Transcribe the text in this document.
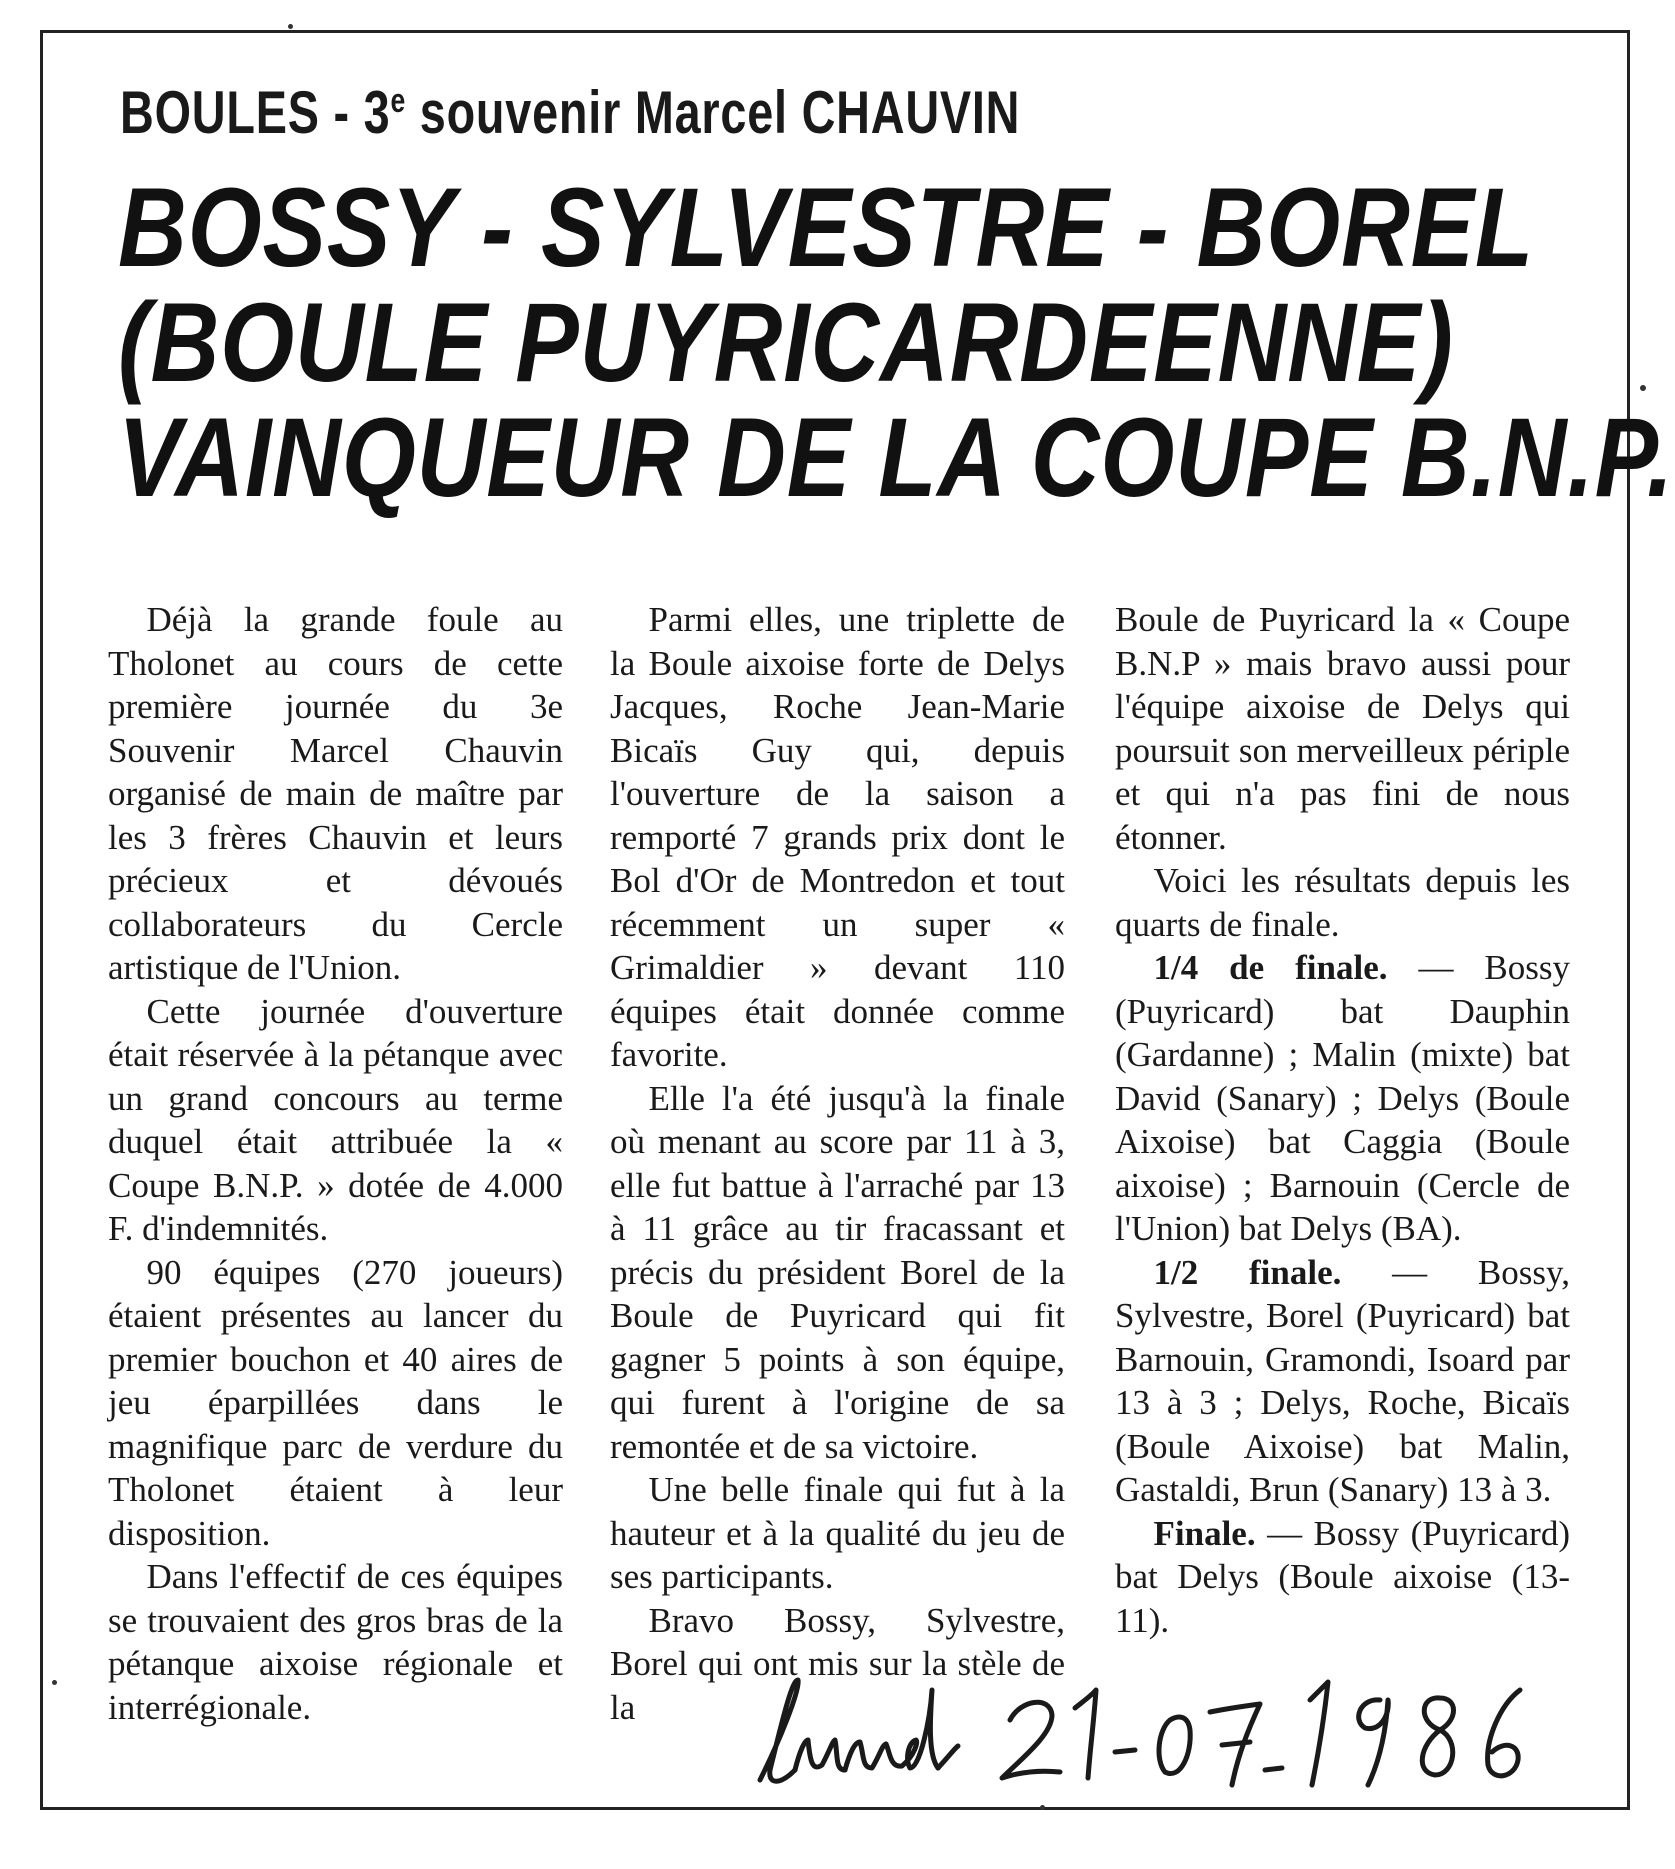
BOULES - 3e souvenir Marcel CHAUVIN
BOSSY - SYLVESTRE - BOREL
(BOULE PUYRICARDEENNE)
VAINQUEUR DE LA COUPE B.N.P.

Déjà la grande foule au Tholonet au cours de cette première journée du 3e Souvenir Marcel Chauvin organisé de main de maître par les 3 frères Chauvin et leurs précieux et dévoués collaborateurs du Cercle artistique de l'Union.

Cette journée d'ouverture était réservée à la pétanque avec un grand concours au terme duquel était attribuée la « Coupe B.N.P. » dotée de 4.000 F. d'indemnités.

90 équipes (270 joueurs) étaient présentes au lancer du premier bouchon et 40 aires de jeu éparpillées dans le magnifique parc de verdure du Tholonet étaient à leur disposition.

Dans l'effectif de ces équipes se trouvaient des gros bras de la pétanque aixoise régionale et interrégionale.

Parmi elles, une triplette de la Boule aixoise forte de Delys Jacques, Roche Jean-Marie Bicaïs Guy qui, depuis l'ouverture de la saison a remporté 7 grands prix dont le Bol d'Or de Montredon et tout récemment un super « Grimaldier » devant 110 équipes était donnée comme favorite.

Elle l'a été jusqu'à la finale où menant au score par 11 à 3, elle fut battue à l'arraché par 13 à 11 grâce au tir fracassant et précis du président Borel de la Boule de Puyricard qui fit gagner 5 points à son équipe, qui furent à l'origine de sa remontée et de sa victoire.

Une belle finale qui fut à la hauteur et à la qualité du jeu de ses participants.

Bravo Bossy, Sylvestre, Borel qui ont mis sur la stèle de la

Boule de Puyricard la « Coupe B.N.P » mais bravo aussi pour l'équipe aixoise de Delys qui poursuit son merveilleux périple et qui n'a pas fini de nous étonner.

Voici les résultats depuis les quarts de finale.

1/4 de finale. — Bossy (Puyricard) bat Dauphin (Gardanne) ; Malin (mixte) bat David (Sanary) ; Delys (Boule Aixoise) bat Caggia (Boule aixoise) ; Barnouin (Cercle de l'Union) bat Delys (BA).

1/2 finale. — Bossy, Sylvestre, Borel (Puyricard) bat Barnouin, Gramondi, Isoard par 13 à 3 ; Delys, Roche, Bicaïs (Boule Aixoise) bat Malin, Gastaldi, Brun (Sanary) 13 à 3.

Finale. — Bossy (Puyricard) bat Delys (Boule aixoise (13-11).
